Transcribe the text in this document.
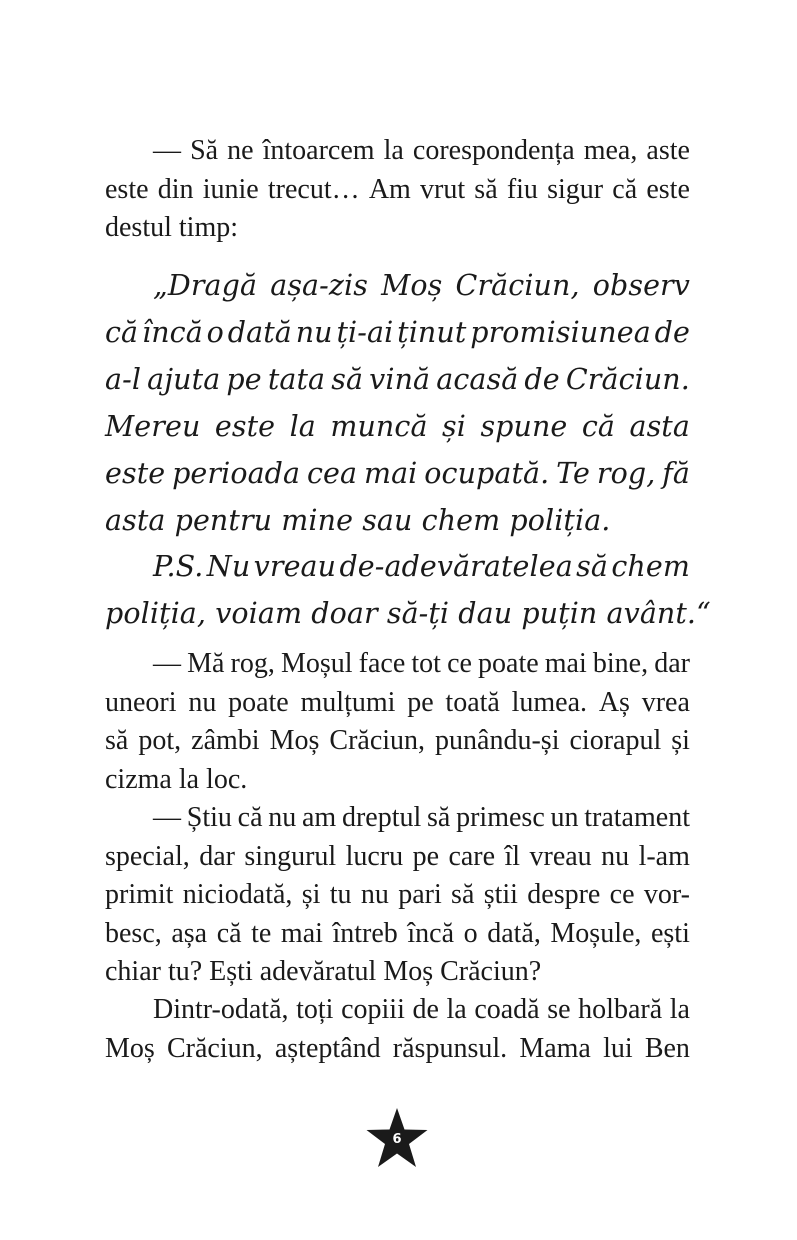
— Să ne întoarcem la corespondența mea, aste
este din iunie trecut… Am vrut să fiu sigur că este
destul timp:
„Dragă așa-zis Moș Crăciun, observ
că încă o dată nu ți-ai ținut promisiunea de
a-l ajuta pe tata să vină acasă de Crăciun.
Mereu este la muncă și spune că asta
este perioada cea mai ocupată. Te rog, fă
asta pentru mine sau chem poliția.
P.S. Nu vreau de-adevăratelea să chem
poliția, voiam doar să-ți dau puțin avânt.“
— Mă rog, Moșul face tot ce poate mai bine, dar
uneori nu poate mulțumi pe toată lumea. Aș vrea
să pot, zâmbi Moș Crăciun, punându-și ciorapul și
cizma la loc.
— Știu că nu am dreptul să primesc un tratament
special, dar singurul lucru pe care îl vreau nu l-am
primit niciodată, și tu nu pari să știi despre ce vor-
besc, așa că te mai întreb încă o dată, Moșule, ești
chiar tu? Ești adevăratul Moș Crăciun?
Dintr-odată, toți copiii de la coadă se holbară la
Moș Crăciun, așteptând răspunsul. Mama lui Ben
6
